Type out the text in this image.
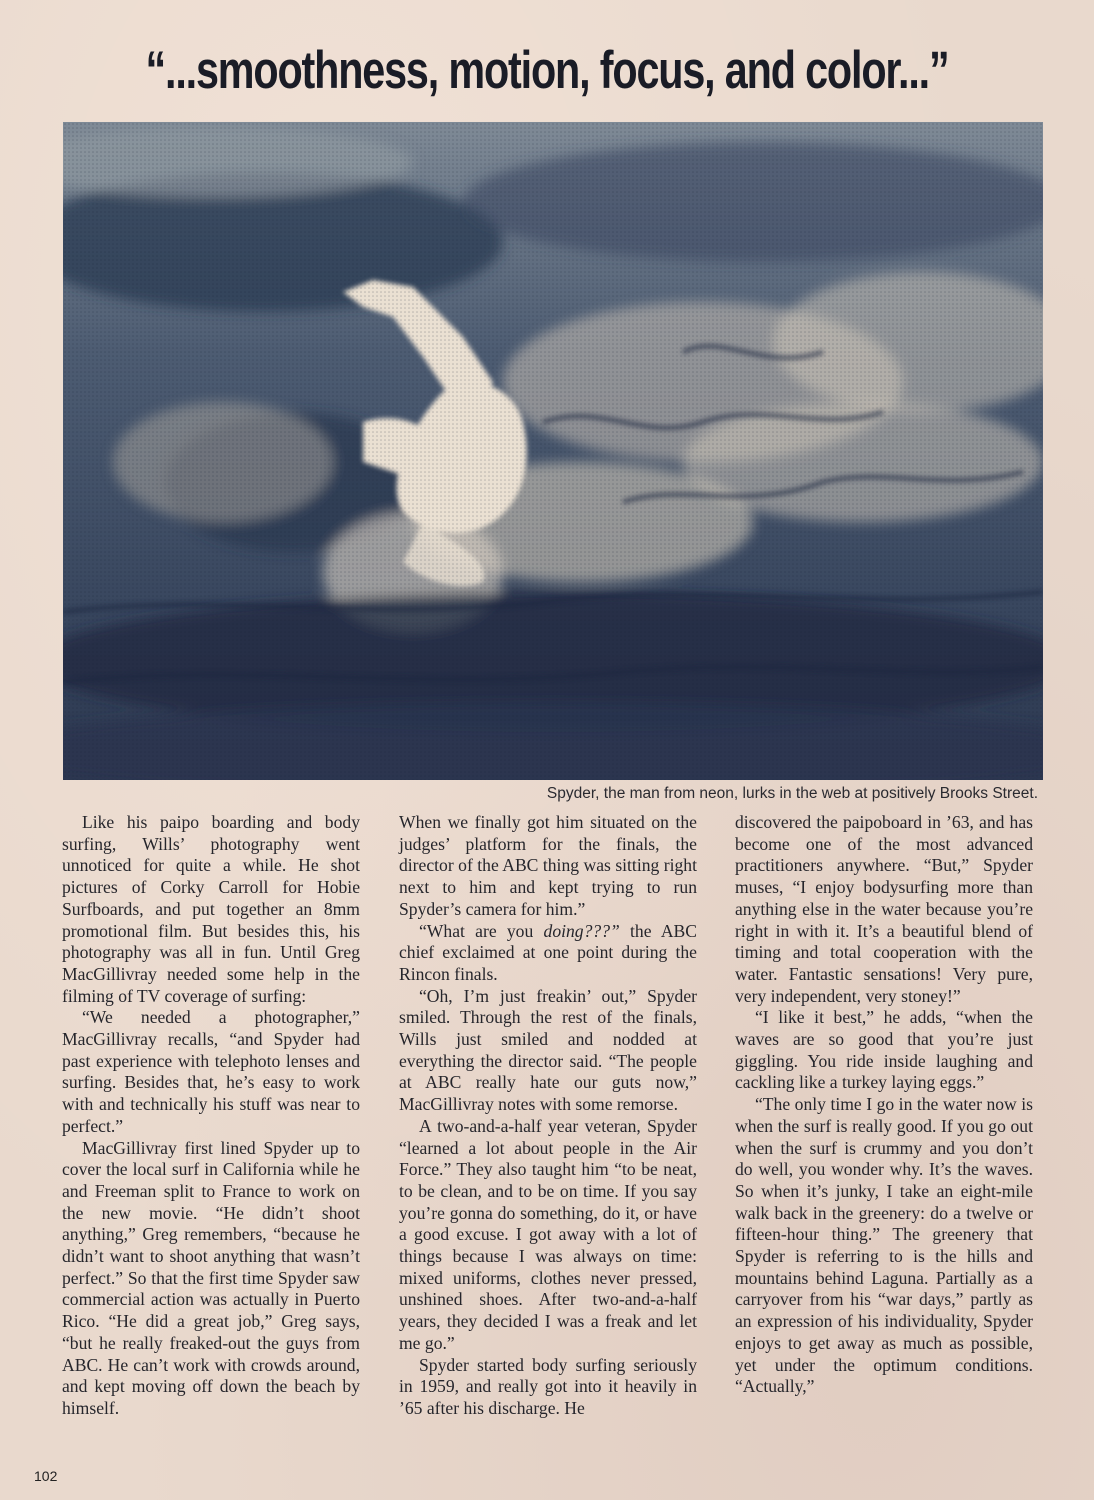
“...smoothness, motion, focus, and color...”
Spyder, the man from neon, lurks in the web at positively Brooks Street.

Like his paipo boarding and body surfing, Wills’ photography went unnoticed for quite a while. He shot pictures of Corky Carroll for Hobie Surfboards, and put together an 8mm promotional film. But besides this, his photography was all in fun. Until Greg MacGillivray needed some help in the filming of TV coverage of surfing:

“We needed a photographer,” MacGillivray recalls, “and Spyder had past experience with telephoto lenses and surfing. Besides that, he’s easy to work with and technically his stuff was near to perfect.”

MacGillivray first lined Spyder up to cover the local surf in California while he and Freeman split to France to work on the new movie. “He didn’t shoot anything,” Greg remembers, “because he didn’t want to shoot anything that wasn’t perfect.” So that the first time Spyder saw commercial action was actually in Puerto Rico. “He did a great job,” Greg says, “but he really freaked-out the guys from ABC. He can’t work with crowds around, and kept moving off down the beach by himself.

When we finally got him situated on the judges’ platform for the finals, the director of the ABC thing was sitting right next to him and kept trying to run Spyder’s camera for him.”

“What are you doing???” the ABC chief exclaimed at one point during the Rincon finals.

“Oh, I’m just freakin’ out,” Spyder smiled. Through the rest of the finals, Wills just smiled and nodded at everything the director said. “The people at ABC really hate our guts now,” MacGillivray notes with some remorse.

A two-and-a-half year veteran, Spyder “learned a lot about people in the Air Force.” They also taught him “to be neat, to be clean, and to be on time. If you say you’re gonna do something, do it, or have a good excuse. I got away with a lot of things because I was always on time: mixed uniforms, clothes never pressed, unshined shoes. After two-and-a-half years, they decided I was a freak and let me go.”

Spyder started body surfing seriously in 1959, and really got into it heavily in ’65 after his discharge. He

discovered the paipoboard in ’63, and has become one of the most advanced practitioners anywhere. “But,” Spyder muses, “I enjoy bodysurfing more than anything else in the water because you’re right in with it. It’s a beautiful blend of timing and total cooperation with the water. Fantastic sensations! Very pure, very independent, very stoney!”

“I like it best,” he adds, “when the waves are so good that you’re just giggling. You ride inside laughing and cackling like a turkey laying eggs.”

“The only time I go in the water now is when the surf is really good. If you go out when the surf is crummy and you don’t do well, you wonder why. It’s the waves. So when it’s junky, I take an eight-mile walk back in the greenery: do a twelve or fifteen-hour thing.” The greenery that Spyder is referring to is the hills and mountains behind Laguna. Partially as a carryover from his “war days,” partly as an expression of his individuality, Spyder enjoys to get away as much as possible, yet under the optimum conditions. “Actually,”

102
